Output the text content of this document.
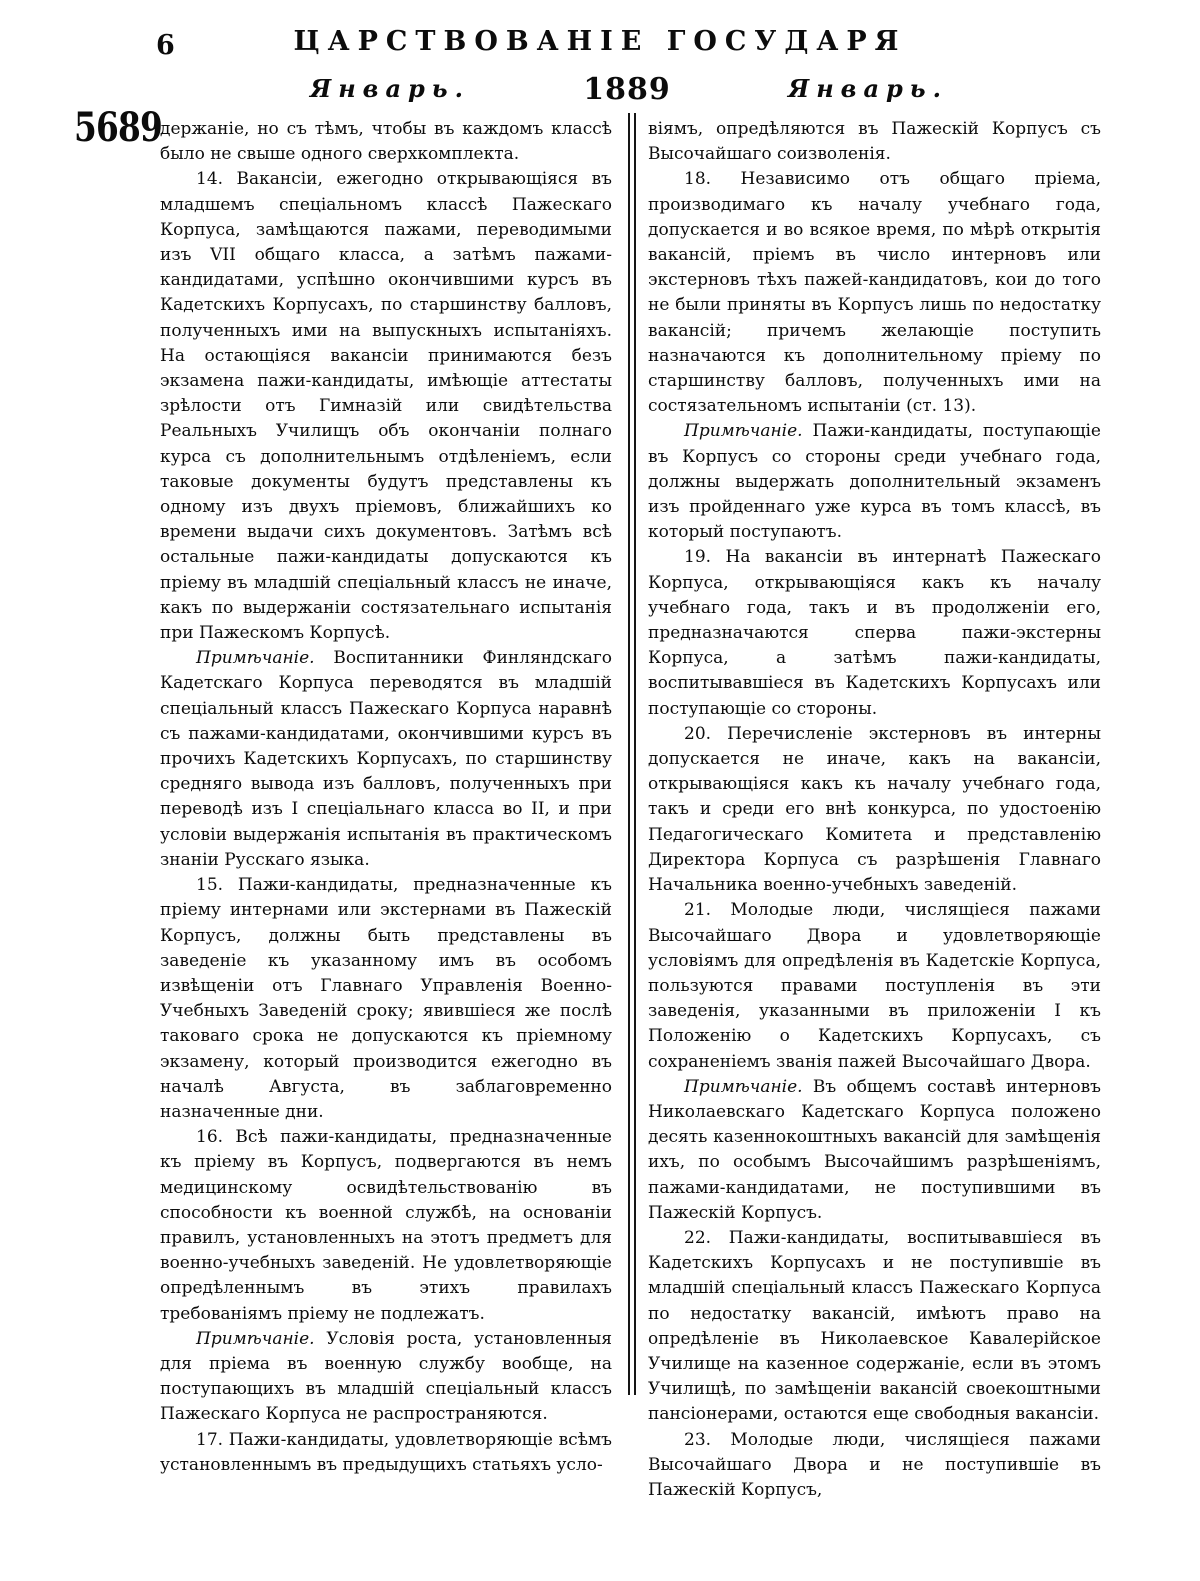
6	ЦАРСТВОВАНІЕ ГОСУДАРЯ
Январь.	1889	Январь.
5689

держаніе, но съ тѣмъ, чтобы въ каждомъ классѣ было не свыше одного сверхкомплекта.

14. Вакансіи, ежегодно открывающіяся въ младшемъ спеціальномъ классѣ Пажескаго Корпуса, замѣщаются пажами, переводимыми изъ VII общаго класса, а затѣмъ пажами-кандидатами, успѣшно окончившими курсъ въ Кадетскихъ Корпусахъ, по старшинству балловъ, полученныхъ ими на выпускныхъ испытаніяхъ. На остающіяся вакансіи принимаются безъ экзамена пажи-кандидаты, имѣющіе аттестаты зрѣлости отъ Гимназій или свидѣтельства Реальныхъ Училищъ объ окончаніи полнаго курса съ дополнительнымъ отдѣленіемъ, если таковые документы будутъ представлены къ одному изъ двухъ пріемовъ, ближайшихъ ко времени выдачи сихъ документовъ. Затѣмъ всѣ остальные пажи-кандидаты допускаются къ пріему въ младшій спеціальный классъ не иначе, какъ по выдержаніи состязательнаго испытанія при Пажескомъ Корпусѣ.

Примѣчаніе. Воспитанники Финляндскаго Кадетскаго Корпуса переводятся въ младшій спеціальный классъ Пажескаго Корпуса наравнѣ съ пажами-кандидатами, окончившими курсъ въ прочихъ Кадетскихъ Корпусахъ, по старшинству средняго вывода изъ балловъ, полученныхъ при переводѣ изъ I спеціальнаго класса во II, и при условіи выдержанія испытанія въ практическомъ знаніи Русскаго языка.

15. Пажи-кандидаты, предназначенные къ пріему интернами или экстернами въ Пажескій Корпусъ, должны быть представлены въ заведеніе къ указанному имъ въ особомъ извѣщеніи отъ Главнаго Управленія Военно-Учебныхъ Заведеній сроку; явившіеся же послѣ таковаго срока не допускаются къ пріемному экзамену, который производится ежегодно въ началѣ Августа, въ заблаговременно назначенные дни.

16. Всѣ пажи-кандидаты, предназначенные къ пріему въ Корпусъ, подвергаются въ немъ медицинскому освидѣтельствованію въ способности къ военной службѣ, на основаніи правилъ, установленныхъ на этотъ предметъ для военно-учебныхъ заведеній. Не удовлетворяющіе опредѣленнымъ въ этихъ правилахъ требованіямъ пріему не подлежатъ.

Примѣчаніе. Условія роста, установленныя для пріема въ военную службу вообще, на поступающихъ въ младшій спеціальный классъ Пажескаго Корпуса не распространяются.

17. Пажи-кандидаты, удовлетворяющіе всѣмъ установленнымъ въ предыдущихъ статьяхъ усло-

віямъ, опредѣляются въ Пажескій Корпусъ съ Высочайшаго соизволенія.

18. Независимо отъ общаго пріема, производимаго къ началу учебнаго года, допускается и во всякое время, по мѣрѣ открытія вакансій, пріемъ въ число интерновъ или экстерновъ тѣхъ пажей-кандидатовъ, кои до того не были приняты въ Корпусъ лишь по недостатку вакансій; причемъ желающіе поступить назначаются къ дополнительному пріему по старшинству балловъ, полученныхъ ими на состязательномъ испытаніи (ст. 13).

Примѣчаніе. Пажи-кандидаты, поступающіе въ Корпусъ со стороны среди учебнаго года, должны выдержать дополнительный экзаменъ изъ пройденнаго уже курса въ томъ классѣ, въ который поступаютъ.

19. На вакансіи въ интернатѣ Пажескаго Корпуса, открывающіяся какъ къ началу учебнаго года, такъ и въ продолженіи его, предназначаются сперва пажи-экстерны Корпуса, а затѣмъ пажи-кандидаты, воспитывавшіеся въ Кадетскихъ Корпусахъ или поступающіе со стороны.

20. Перечисленіе экстерновъ въ интерны допускается не иначе, какъ на вакансіи, открывающіяся какъ къ началу учебнаго года, такъ и среди его внѣ конкурса, по удостоенію Педагогическаго Комитета и представленію Директора Корпуса съ разрѣшенія Главнаго Начальника военно-учебныхъ заведеній.

21. Молодые люди, числящіеся пажами Высочайшаго Двора и удовлетворяющіе условіямъ для опредѣленія въ Кадетскіе Корпуса, пользуются правами поступленія въ эти заведенія, указанными въ приложеніи I къ Положенію о Кадетскихъ Корпусахъ, съ сохраненіемъ званія пажей Высочайшаго Двора.

Примѣчаніе. Въ общемъ составѣ интерновъ Николаевскаго Кадетскаго Корпуса положено десять казеннокоштныхъ вакансій для замѣщенія ихъ, по особымъ Высочайшимъ разрѣшеніямъ, пажами-кандидатами, не поступившими въ Пажескій Корпусъ.

22. Пажи-кандидаты, воспитывавшіеся въ Кадетскихъ Корпусахъ и не поступившіе въ младшій спеціальный классъ Пажескаго Корпуса по недостатку вакансій, имѣютъ право на опредѣленіе въ Николаевское Кавалерійское Училище на казенное содержаніе, если въ этомъ Училищѣ, по замѣщеніи вакансій своекоштными пансіонерами, остаются еще свободныя вакансіи.

23. Молодые люди, числящіеся пажами Высочайшаго Двора и не поступившіе въ Пажескій Корпусъ,
